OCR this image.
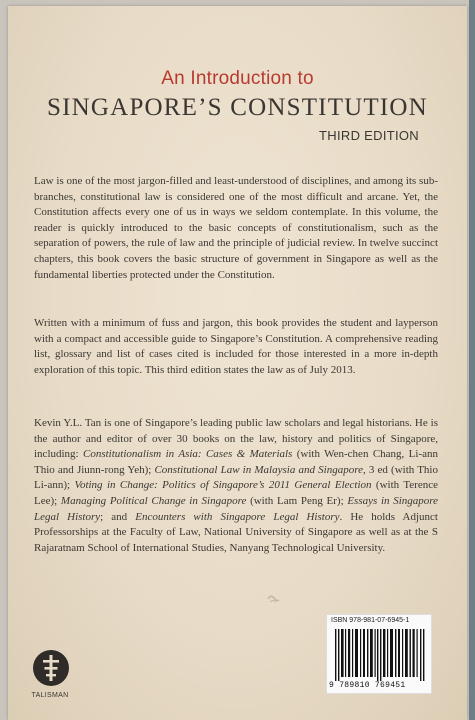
An Introduction to
SINGAPORE’S CONSTITUTION
THIRD EDITION

Law is one of the most jargon-filled and least-understood of disciplines, and among its sub-branches, constitutional law is considered one of the most difficult and arcane. Yet, the Constitution affects every one of us in ways we seldom contemplate. In this volume, the reader is quickly introduced to the basic concepts of constitutionalism, such as the separation of powers, the rule of law and the principle of judicial review. In twelve succinct chapters, this book covers the basic structure of government in Singapore as well as the fundamental liberties protected under the Constitution.

Written with a minimum of fuss and jargon, this book provides the student and layperson with a compact and accessible guide to Singapore’s Constitution. A comprehensive reading list, glossary and list of cases cited is included for those interested in a more in-depth exploration of this topic. This third edition states the law as of July 2013.

Kevin Y.L. Tan is one of Singapore’s leading public law scholars and legal historians. He is the author and editor of over 30 books on the law, history and politics of Singapore, including: Constitutionalism in Asia: Cases & Materials (with Wen-chen Chang, Li-ann Thio and Jiunn-rong Yeh); Constitutional Law in Malaysia and Singapore, 3 ed (with Thio Li-ann); Voting in Change: Politics of Singapore’s 2011 General Election (with Terence Lee); Managing Political Change in Singapore (with Lam Peng Er); Essays in Singapore Legal History; and Encounters with Singapore Legal History. He holds Adjunct Professorships at the Faculty of Law, National University of Singapore as well as at the S Rajaratnam School of International Studies, Nanyang Technological University.

TALISMAN
ISBN 978-981-07-6945-1
9 789810 769451
